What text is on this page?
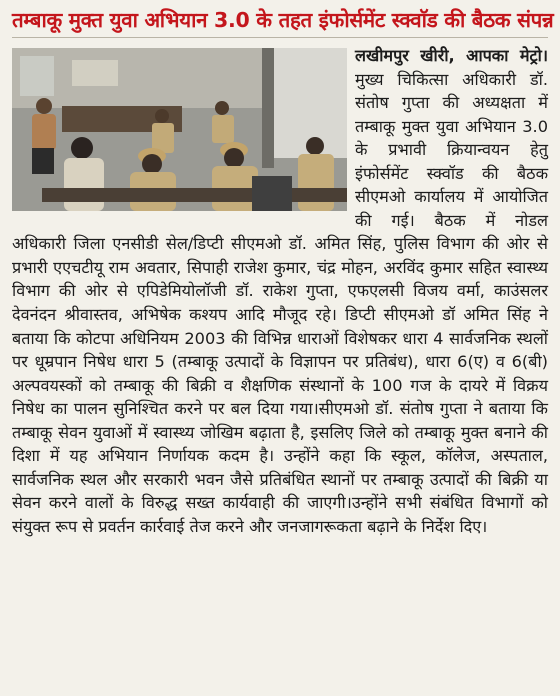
तम्बाकू मुक्त युवा अभियान 3.0 के तहत इंफोर्समेंट स्क्वाॅड की बैठक संपन्न

लखीमपुर खीरी, आपका मेट्रो। मुख्य चिकित्सा अधिकारी डॉ. संतोष गुप्ता की अध्यक्षता में तम्बाकू मुक्त युवा अभियान 3.0 के प्रभावी क्रियान्वयन हेतु इंफोर्समेंट स्क्वॉड की बैठक सीएमओ कार्यालय में आयोजित की गई। बैठक में नोडल अधिकारी जिला एनसीडी सेल/डिप्टी सीएमओ डॉ. अमित सिंह, पुलिस विभाग की ओर से प्रभारी एएचटीयू राम अवतार, सिपाही राजेश कुमार, चंद्र मोहन, अरविंद कुमार सहित स्वास्थ्य विभाग की ओर से एपिडेमियोलॉजी डॉ. राकेश गुप्ता, एफएलसी विजय वर्मा, काउंसलर देवनंदन श्रीवास्तव, अभिषेक कश्यप आदि मौजूद रहे। डिप्टी सीएमओ डॉ अमित सिंह ने बताया कि कोटपा अधिनियम 2003 की विभिन्न धाराओं विशेषकर धारा 4 सार्वजनिक स्थलों पर धूम्रपान निषेध धारा 5 (तम्बाकू उत्पादों के विज्ञापन पर प्रतिबंध), धारा 6(ए) व 6(बी) अल्पवयस्कों को तम्बाकू की बिक्री व शैक्षणिक संस्थानों के 100 गज के दायरे में विक्रय निषेध का पालन सुनिश्चित करने पर बल दिया गया।सीएमओ डॉ. संतोष गुप्ता ने बताया कि तम्बाकू सेवन युवाओं में स्वास्थ्य जोखिम बढ़ाता है, इसलिए जिले को तम्बाकू मुक्त बनाने की दिशा में यह अभियान निर्णायक कदम है। उन्होंने कहा कि स्कूल, कॉलेज, अस्पताल, सार्वजनिक स्थल और सरकारी भवन जैसे प्रतिबंधित स्थानों पर तम्बाकू उत्पादों की बिक्री या सेवन करने वालों के विरुद्ध सख्त कार्यवाही की जाएगी।उन्होंने सभी संबंधित विभागों को संयुक्त रूप से प्रवर्तन कार्रवाई तेज करने और जनजागरूकता बढ़ाने के निर्देश दिए।
